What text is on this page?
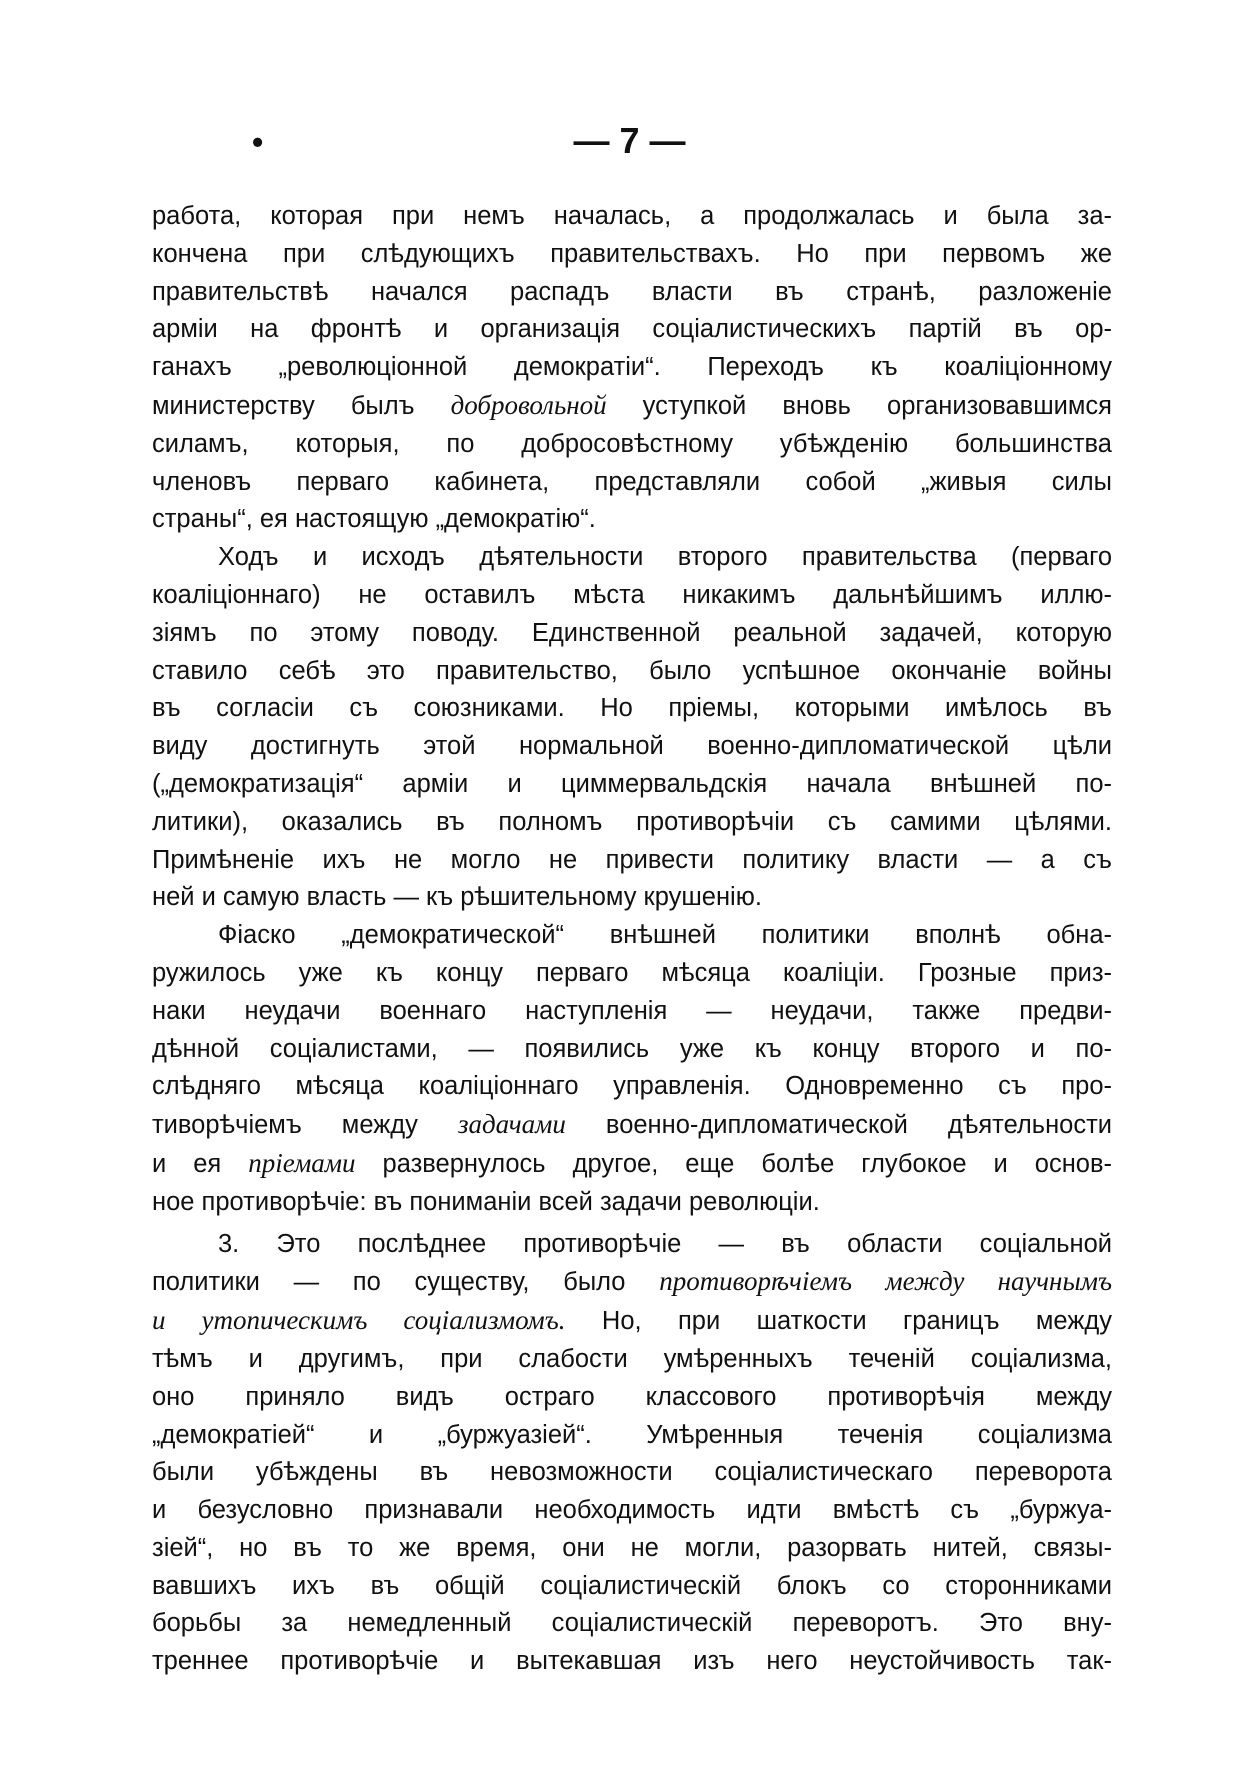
•	— 7 —
работа, которая при немъ началась, а продолжалась и была за-
кончена при слѣдующихъ правительствахъ. Но при первомъ же
правительствѣ начался распадъ власти въ странѣ, разложеніе
арміи на фронтѣ и организація соціалистическихъ партій въ ор-
ганахъ „революціонной демократіи“. Переходъ къ коаліціонному
министерству былъ добровольной уступкой вновь организовавшимся
силамъ, которыя, по добросовѣстному убѣжденію большинства
членовъ перваго кабинета, представляли собой „живыя силы
страны“, ея настоящую „демократію“.
Ходъ и исходъ дѣятельности второго правительства (перваго
коаліціоннаго) не оставилъ мѣста никакимъ дальнѣйшимъ иллю-
зіямъ по этому поводу. Единственной реальной задачей, которую
ставило себѣ это правительство, было успѣшное окончаніе войны
въ согласіи съ союзниками. Но пріемы, которыми имѣлось въ
виду достигнуть этой нормальной военно-дипломатической цѣли
(„демократизація“ арміи и циммервальдскія начала внѣшней по-
литики), оказались въ полномъ противорѣчіи съ самими цѣлями.
Примѣненіе ихъ не могло не привести политику власти — а съ
ней и самую власть — къ рѣшительному крушенію.
Фіаско „демократической“ внѣшней политики вполнѣ обна-
ружилось уже къ концу перваго мѣсяца коаліціи. Грозные приз-
наки неудачи военнаго наступленія — неудачи, также предви-
дѣнной соціалистами, — появились уже къ концу второго и по-
слѣдняго мѣсяца коаліціоннаго управленія. Одновременно съ про-
тиворѣчіемъ между задачами военно-дипломатической дѣятельности
и ея пріемами развернулось другое, еще болѣе глубокое и основ-
ное противорѣчіе: въ пониманіи всей задачи революціи.
3. Это послѣднее противорѣчіе — въ области соціальной
политики — по существу, было противорѣчіемъ между научнымъ
и утопическимъ соціализмомъ. Но, при шаткости границъ между
тѣмъ и другимъ, при слабости умѣренныхъ теченій соціализма,
оно приняло видъ остраго классового противорѣчія между
„демократіей“ и „буржуазіей“. Умѣренныя теченія соціализма
были убѣждены въ невозможности соціалистическаго переворота
и безусловно признавали необходимость идти вмѣстѣ съ „буржуа-
зіей“, но въ то же время, они не могли, разорвать нитей, связы-
вавшихъ ихъ въ общій соціалистическій блокъ со сторонниками
борьбы за немедленный соціалистическій переворотъ. Это вну-
треннее противорѣчіе и вытекавшая изъ него неустойчивость так-
